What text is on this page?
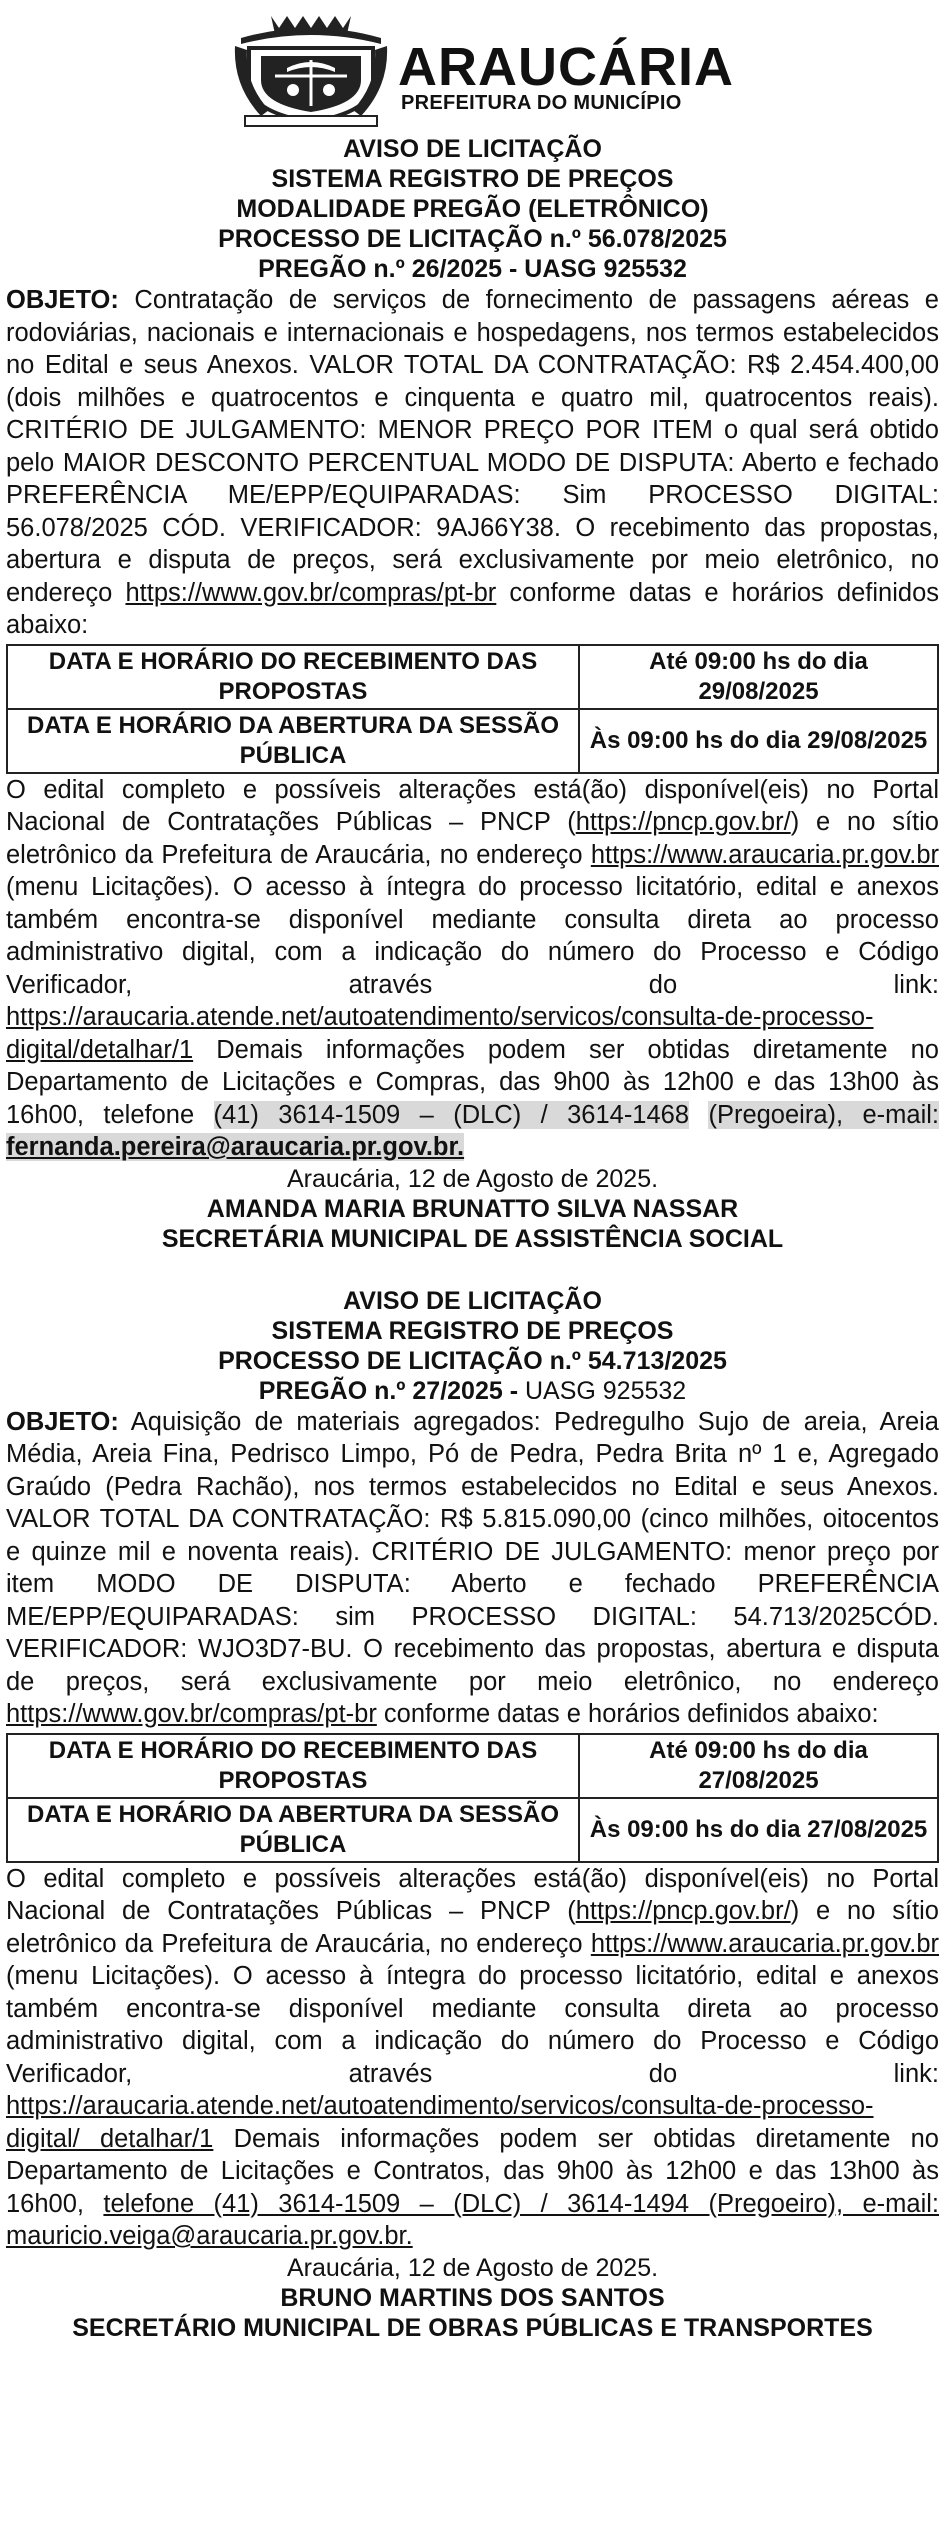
ARAUCÁRIA
PREFEITURA DO MUNICÍPIO
AVISO DE LICITAÇÃO
SISTEMA REGISTRO DE PREÇOS
MODALIDADE PREGÃO (ELETRÔNICO)
PROCESSO DE LICITAÇÃO n.º 56.078/2025
PREGÃO n.º 26/2025 - UASG 925532
OBJETO: Contratação de serviços de fornecimento de passagens aéreas e rodoviárias, nacionais e internacionais e hospedagens, nos termos estabelecidos no Edital e seus Anexos. VALOR TOTAL DA CONTRATAÇÃO: R$ 2.454.400,00 (dois milhões e quatrocentos e cinquenta e quatro mil, quatrocentos reais). CRITÉRIO DE JULGAMENTO: MENOR PREÇO POR ITEM o qual será obtido pelo MAIOR DESCONTO PERCENTUAL MODO DE DISPUTA: Aberto e fechado PREFERÊNCIA ME/EPP/EQUIPARADAS: Sim PROCESSO DIGITAL: 56.078/2025 CÓD. VERIFICADOR: 9AJ66Y38. O recebimento das propostas, abertura e disputa de preços, será exclusivamente por meio eletrônico, no endereço https://www.gov.br/compras/pt-br conforme datas e horários definidos abaixo:
DATA E HORÁRIO DO RECEBIMENTO DAS PROPOSTAS	Até 09:00 hs do dia 29/08/2025
DATA E HORÁRIO DA ABERTURA DA SESSÃO PÚBLICA	Às 09:00 hs do dia 29/08/2025
O edital completo e possíveis alterações está(ão) disponível(eis) no Portal Nacional de Contratações Públicas – PNCP (https://pncp.gov.br/) e no sítio eletrônico da Prefeitura de Araucária, no endereço https://www.araucaria.pr.gov.br (menu Licitações). O acesso à íntegra do processo licitatório, edital e anexos também encontra-se disponível mediante consulta direta ao processo administrativo digital, com a indicação do número do Processo e Código Verificador, através do link: https://araucaria.atende.net/autoatendimento/servicos/consulta-de-processo-digital/detalhar/1 Demais informações podem ser obtidas diretamente no Departamento de Licitações e Compras, das 9h00 às 12h00 e das 13h00 às 16h00, telefone (41) 3614-1509 – (DLC) / 3614-1468 (Pregoeira), e-mail: fernanda.pereira@araucaria.pr.gov.br.
Araucária, 12 de Agosto de 2025.
AMANDA MARIA BRUNATTO SILVA NASSAR
SECRETÁRIA MUNICIPAL DE ASSISTÊNCIA SOCIAL
AVISO DE LICITAÇÃO
SISTEMA REGISTRO DE PREÇOS
PROCESSO DE LICITAÇÃO n.º 54.713/2025
PREGÃO n.º 27/2025 - UASG 925532
OBJETO: Aquisição de materiais agregados: Pedregulho Sujo de areia, Areia Média, Areia Fina, Pedrisco Limpo, Pó de Pedra, Pedra Brita nº 1 e, Agregado Graúdo (Pedra Rachão), nos termos estabelecidos no Edital e seus Anexos. VALOR TOTAL DA CONTRATAÇÃO: R$ 5.815.090,00 (cinco milhões, oitocentos e quinze mil e noventa reais). CRITÉRIO DE JULGAMENTO: menor preço por item MODO DE DISPUTA: Aberto e fechado PREFERÊNCIA ME/EPP/EQUIPARADAS: sim PROCESSO DIGITAL: 54.713/2025CÓD. VERIFICADOR: WJO3D7-BU. O recebimento das propostas, abertura e disputa de preços, será exclusivamente por meio eletrônico, no endereço https://www.gov.br/compras/pt-br conforme datas e horários definidos abaixo:
DATA E HORÁRIO DO RECEBIMENTO DAS PROPOSTAS	Até 09:00 hs do dia 27/08/2025
DATA E HORÁRIO DA ABERTURA DA SESSÃO PÚBLICA	Às 09:00 hs do dia 27/08/2025
O edital completo e possíveis alterações está(ão) disponível(eis) no Portal Nacional de Contratações Públicas – PNCP (https://pncp.gov.br/) e no sítio eletrônico da Prefeitura de Araucária, no endereço https://www.araucaria.pr.gov.br (menu Licitações). O acesso à íntegra do processo licitatório, edital e anexos também encontra-se disponível mediante consulta direta ao processo administrativo digital, com a indicação do número do Processo e Código Verificador, através do link: https://araucaria.atende.net/autoatendimento/servicos/consulta-de-processo-digital/ detalhar/1 Demais informações podem ser obtidas diretamente no Departamento de Licitações e Contratos, das 9h00 às 12h00 e das 13h00 às 16h00, telefone (41) 3614-1509 – (DLC) / 3614-1494 (Pregoeiro), e-mail: mauricio.veiga@araucaria.pr.gov.br.
Araucária, 12 de Agosto de 2025.
BRUNO MARTINS DOS SANTOS
SECRETÁRIO MUNICIPAL DE OBRAS PÚBLICAS E TRANSPORTES
